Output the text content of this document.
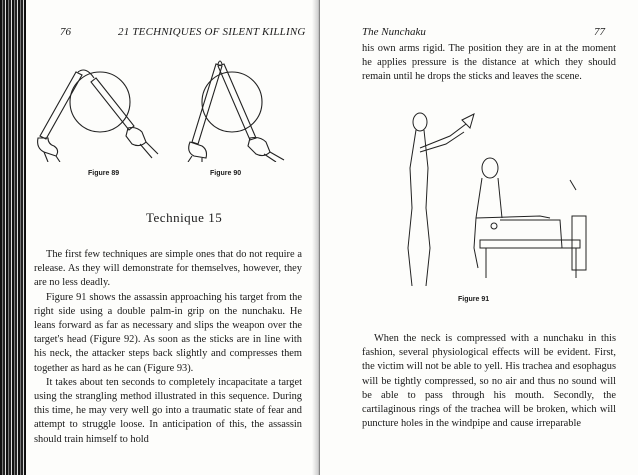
76	21 TECHNIQUES OF SILENT KILLING
Figure 89	Figure 90
Technique 15

The first few techniques are simple ones that do not require a release. As they will demonstrate for themselves, however, they are no less deadly.

Figure 91 shows the assassin approaching his target from the right side using a double palm-in grip on the nunchaku. He leans forward as far as necessary and slips the weapon over the target's head (Figure 92). As soon as the sticks are in line with his neck, the attacker steps back slightly and compresses them together as hard as he can (Figure 93).

It takes about ten seconds to completely incapacitate a target using the strangling method illustrated in this sequence. During this time, he may very well go into a traumatic state of fear and attempt to struggle loose. In anticipation of this, the assassin should train himself to hold

The Nunchaku	77

his own arms rigid. The position they are in at the moment he applies pressure is the distance at which they should remain until he drops the sticks and leaves the scene.

Figure 91

When the neck is compressed with a nunchaku in this fashion, several physiological effects will be evident. First, the victim will not be able to yell. His trachea and esophagus will be tightly compressed, so no air and thus no sound will be able to pass through his mouth. Secondly, the cartilaginous rings of the trachea will be broken, which will puncture holes in the windpipe and cause irreparable
